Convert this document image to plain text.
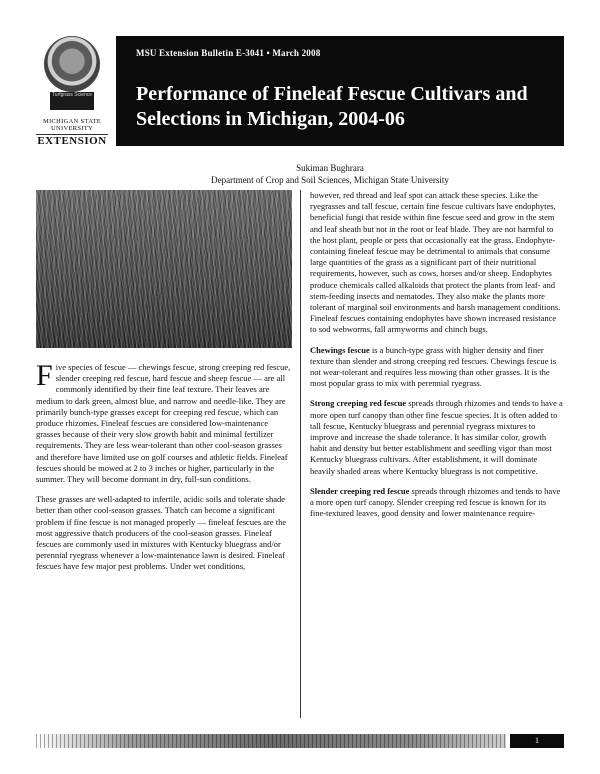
Turfgrass Science
MICHIGAN STATE UNIVERSITY
EXTENSION
MSU Extension Bulletin E-3041 • March 2008
Performance of Fineleaf Fescue Cultivars and Selections in Michigan, 2004-06
Sukiman Bughrara
Department of Crop and Soil Sciences, Michigan State University

Five species of fescue — chewings fescue, strong creeping red fescue, slender creeping red fescue, hard fescue and sheep fescue — are all commonly identified by their fine leaf texture. Their leaves are medium to dark green, almost blue, and narrow and needle-like. They are primarily bunch-type grasses except for creeping red fescue, which can produce rhizomes. Fineleaf fescues are considered low-maintenance grasses because of their very slow growth habit and minimal fertilizer requirements. They are less wear-tolerant than other cool-season grasses and therefore have limited use on golf courses and athletic fields. Fineleaf fescues should be mowed at 2 to 3 inches or higher, particularly in the summer. They will become dormant in dry, full-sun conditions.

These grasses are well-adapted to infertile, acidic soils and tolerate shade better than other cool-season grasses. Thatch can become a significant problem if fine fescue is not managed properly — fineleaf fescues are the most aggressive thatch producers of the cool-season grasses. Fineleaf fescues are commonly used in mixtures with Kentucky bluegrass and/or perennial ryegrass whenever a low-maintenance lawn is desired. Fineleaf fescues have few major pest problems. Under wet conditions,

however, red thread and leaf spot can attack these species. Like the ryegrasses and tall fescue, certain fine fescue cultivars have endophytes, beneficial fungi that reside within fine fescue seed and grow in the stem and leaf sheath but not in the root or leaf blade. They are not harmful to the host plant, people or pets that occasionally eat the grass. Endophyte-containing fineleaf fescue may be detrimental to animals that consume large quantities of the grass as a significant part of their nutritional requirements, however, such as cows, horses and/or sheep. Endophytes produce chemicals called alkaloids that protect the plants from leaf- and stem-feeding insects and nematodes. They also make the plants more tolerant of marginal soil environments and harsh management conditions. Fineleaf fescues containing endophytes have shown increased resistance to sod webworms, fall armyworms and chinch bugs.

Chewings fescue is a bunch-type grass with higher density and finer texture than slender and strong creeping red fescues. Chewings fescue is not wear-tolerant and requires less mowing than other grasses. It is the most popular grass to mix with perennial ryegrass.

Strong creeping red fescue spreads through rhizomes and tends to have a more open turf canopy than other fine fescue species. It is often added to tall fescue, Kentucky bluegrass and perennial ryegrass mixtures to improve and increase the shade tolerance. It has similar color, growth habit and density but better establishment and seedling vigor than most Kentucky bluegrass cultivars. After establishment, it will dominate heavily shaded areas where Kentucky bluegrass is not competitive.

Slender creeping red fescue spreads through rhizomes and tends to have a more open turf canopy. Slender creeping red fescue is known for its fine-textured leaves, good density and lower maintenance require-

1
